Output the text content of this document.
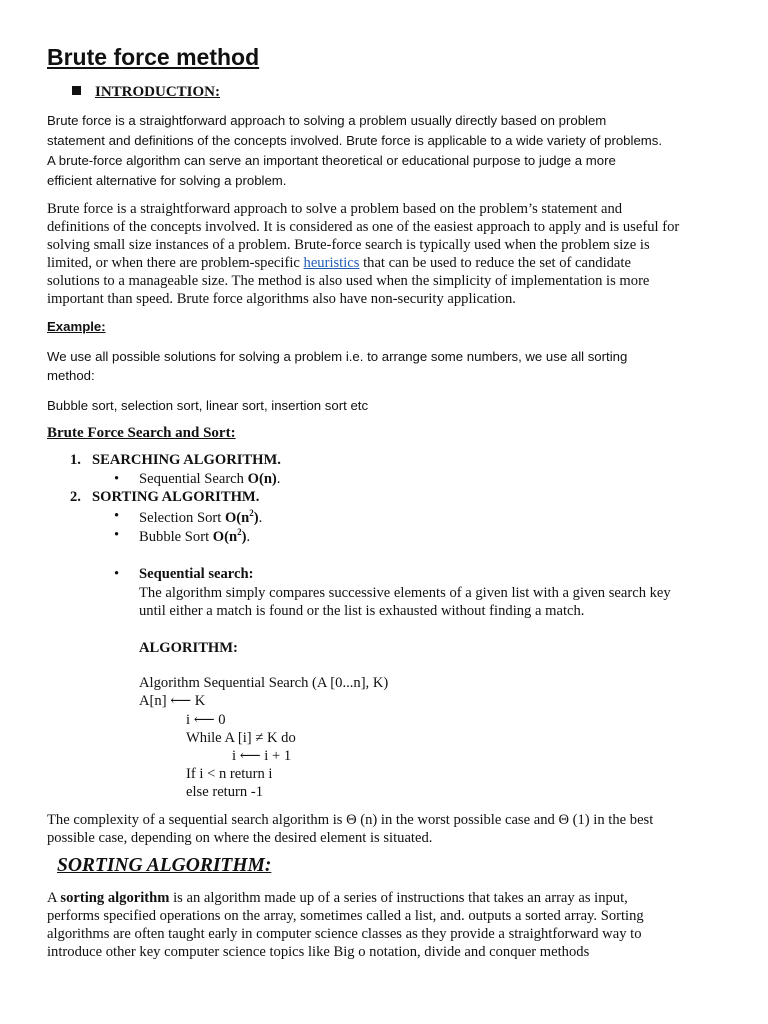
Brute force method
INTRODUCTION:
Brute force is a straightforward approach to solving a problem usually directly based on problem
statement and definitions of the concepts involved. Brute force is applicable to a wide variety of problems.
A brute-force algorithm can serve an important theoretical or educational purpose to judge a more
efficient alternative for solving a problem.
Brute force is a straightforward approach to solve a problem based on the problem’s statement and
definitions of the concepts involved. It is considered as one of the easiest approach to apply and is useful for
solving small size instances of a problem. Brute-force search is typically used when the problem size is
limited, or when there are problem-specific heuristics that can be used to reduce the set of candidate
solutions to a manageable size. The method is also used when the simplicity of implementation is more
important than speed. Brute force algorithms also have non-security application.
Example:
We use all possible solutions for solving a problem i.e. to arrange some numbers, we use all sorting
method:
Bubble sort, selection sort, linear sort, insertion sort etc
Brute Force Search and Sort:
1. SEARCHING ALGORITHM.
• Sequential Search O(n).
2. SORTING ALGORITHM.
• Selection Sort $O(n^2)$.
• Bubble Sort $O(n^2)$.
• Sequential search:
The algorithm simply compares successive elements of a given list with a given search key
until either a match is found or the list is exhausted without finding a match.
ALGORITHM:
Algorithm Sequential Search (A [0...n], K)
A[n] ⟵ K
i ⟵ 0
While A [i] ≠ K do
i ⟵ i + 1
If i < n return i
else return -1
The complexity of a sequential search algorithm is Θ (n) in the worst possible case and Θ (1) in the best
possible case, depending on where the desired element is situated.
SORTING ALGORITHM:
A sorting algorithm is an algorithm made up of a series of instructions that takes an array as input,
performs specified operations on the array, sometimes called a list, and. outputs a sorted array. Sorting
algorithms are often taught early in computer science classes as they provide a straightforward way to
introduce other key computer science topics like Big o notation, divide and conquer methods
